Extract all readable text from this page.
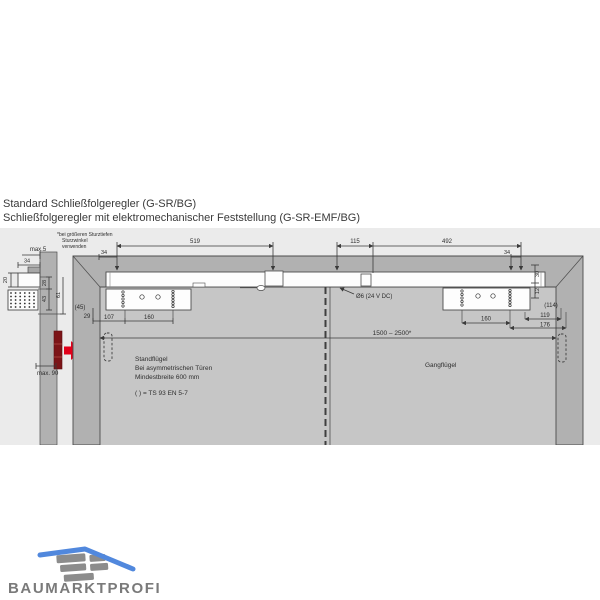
Standard Schließfolgeregler (G-SR/BG)
Schließfolgeregler mit elektromechanischer Feststellung (G-SR-EMF/BG)
*bei größeren Sturztiefen
Sturzwinkel
verwenden
max.5
34
20	28
43
61
max. 90
519
34
115	492
34
30
12
(45)
29 107	160	160
(114)
119
176
Ø6 (24 V DC)
1500 – 2500*
Standflügel
Bei asymmetrischen Türen
Mindestbreite 600 mm
( ) = TS 93 EN 5-7
Gangflügel
BAUMARKTPROFI
